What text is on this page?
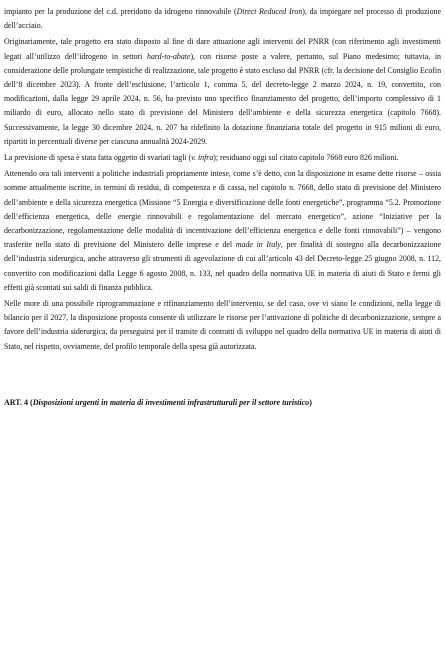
impianto per la produzione del c.d. preridotto da idrogeno rinnovabile (Direct Reduced Iron), da impiegare nel processo di produzione dell’acciaio.

Originariamente, tale progetto era stato disposto al fine di dare attuazione agli interventi del PNRR (con riferimento agli investimenti legati all’utilizzo dell’idrogeno in settori hard-to-abate), con risorse poste a valere, pertanto, sul Piano medesimo; tuttavia, in considerazione delle prolungate tempistiche di realizzazione, tale progetto è stato escluso dal PNRR (cfr. la decisione del Consiglio Ecofin dell’8 dicembre 2023). A fronte dell’esclusione, l’articolo 1, comma 5, del decreto-legge 2 marzo 2024, n. 19, convertito, con modificazioni, dalla legge 29 aprile 2024, n. 56, ha previsto uno specifico finanziamento del progetto, dell’importo complessivo di 1 miliardo di euro, allocato nello stato di previsione del Ministero dell’ambiente e della sicurezza energetica (capitolo 7668). Successivamente, la legge 30 dicembre 2024, n. 207 ha ridefinito la dotazione finanziaria totale del progetto in 915 milioni di euro, ripartiti in percentuali diverse per ciascuna annualità 2024-2029.

La previsione di spesa è stata fatta oggetto di svariati tagli (v. infra); residuano oggi sul citato capitolo 7668 euro 826 milioni.

Attenendo ora tali interventi a politiche industriali propriamente intese, come s’è detto, con la disposizione in esame dette risorse – ossia somme attualmente iscritte, in termini di residui, di competenza e di cassa, nel capitolo n. 7668, dello stato di previsione del Ministero dell’ambiente e della sicurezza energetica (Missione “5 Energia e diversificazione delle fonti energetiche”, programma “5.2. Promozione dell’efficienza energetica, delle energie rinnovabili e regolamentazione del mercato energetico”, azione “Iniziative per la decarbonizzazione, regolamentazione delle modalità di incentivazione dell’efficienza energetica e delle fonti rinnovabili”) – vengono trasferite nello stato di previsione del Ministero delle imprese e del made in Italy, per finalità di sostegno alla decarbonizzazione dell’industria siderurgica, anche attraverso gli strumenti di agevolazione di cui all’articolo 43 del Decreto-legge 25 giugno 2008, n. 112, convertito con modificazioni dalla Legge 6 agosto 2008, n. 133, nel quadro della normativa UE in materia di aiuti di Stato e fermi gli effetti già scontati sui saldi di finanza pubblica.

Nelle more di una possibile riprogrammazione e rifinanziamento dell’intervento, se del caso, ove vi siano le condizioni, nella legge di bilancio per il 2027, la disposizione proposta consente di utilizzare le risorse per l’attivazione di politiche di decarbonizzazione, sempre a favore dell’industria siderurgica, da perseguirsi per il tramite di contratti di sviluppo nel quadro della normativa UE in materia di aiuti di Stato, nel rispetto, ovviamente, del profilo temporale della spesa già autorizzata.

ART. 4 (Disposizioni urgenti in materia di investimenti infrastrutturali per il settore turistico)
